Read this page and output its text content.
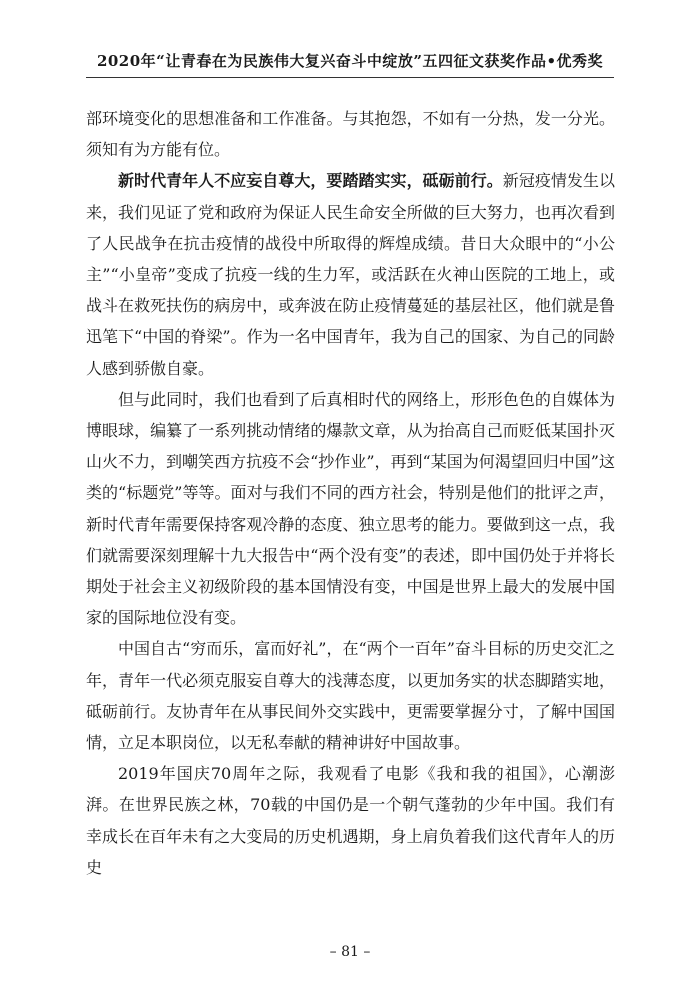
2020年“让青春在为民族伟大复兴奋斗中绽放”五四征文获奖作品•优秀奖

部环境变化的思想准备和工作准备。与其抱怨，不如有一分热，发一分光。须知有为方能有位。

新时代青年人不应妄自尊大，要踏踏实实，砥砺前行。新冠疫情发生以来，我们见证了党和政府为保证人民生命安全所做的巨大努力，也再次看到了人民战争在抗击疫情的战役中所取得的辉煌成绩。昔日大众眼中的“小公主”“小皇帝”变成了抗疫一线的生力军，或活跃在火神山医院的工地上，或战斗在救死扶伤的病房中，或奔波在防止疫情蔓延的基层社区，他们就是鲁迅笔下“中国的脊梁”。作为一名中国青年，我为自己的国家、为自己的同龄人感到骄傲自豪。

但与此同时，我们也看到了后真相时代的网络上，形形色色的自媒体为博眼球，编纂了一系列挑动情绪的爆款文章，从为抬高自己而贬低某国扑灭山火不力，到嘲笑西方抗疫不会“抄作业”，再到“某国为何渴望回归中国”这类的“标题党”等等。面对与我们不同的西方社会，特别是他们的批评之声，新时代青年需要保持客观冷静的态度、独立思考的能力。要做到这一点，我们就需要深刻理解十九大报告中“两个没有变”的表述，即中国仍处于并将长期处于社会主义初级阶段的基本国情没有变，中国是世界上最大的发展中国家的国际地位没有变。

中国自古“穷而乐，富而好礼”，在“两个一百年”奋斗目标的历史交汇之年，青年一代必须克服妄自尊大的浅薄态度，以更加务实的状态脚踏实地，砥砺前行。友协青年在从事民间外交实践中，更需要掌握分寸，了解中国国情，立足本职岗位，以无私奉献的精神讲好中国故事。

2019年国庆70周年之际，我观看了电影《我和我的祖国》，心潮澎湃。在世界民族之林，70载的中国仍是一个朝气蓬勃的少年中国。我们有幸成长在百年未有之大变局的历史机遇期，身上肩负着我们这代青年人的历史

– 81 –
